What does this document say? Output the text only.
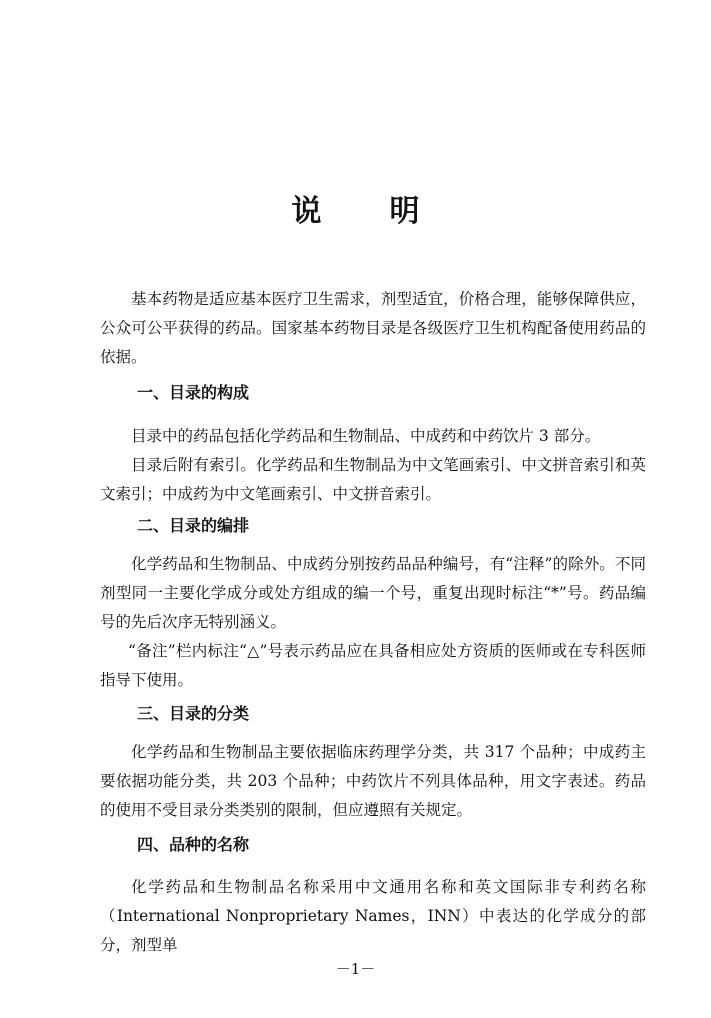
说 明

基本药物是适应基本医疗卫生需求，剂型适宜，价格合理，能够保障供应，公众可公平获得的药品。国家基本药物目录是各级医疗卫生机构配备使用药品的依据。

一、目录的构成

目录中的药品包括化学药品和生物制品、中成药和中药饮片 3 部分。

目录后附有索引。化学药品和生物制品为中文笔画索引、中文拼音索引和英文索引；中成药为中文笔画索引、中文拼音索引。

二、目录的编排

化学药品和生物制品、中成药分别按药品品种编号，有“注释”的除外。不同剂型同一主要化学成分或处方组成的编一个号，重复出现时标注“*”号。药品编号的先后次序无特别涵义。

“备注”栏内标注“△”号表示药品应在具备相应处方资质的医师或在专科医师指导下使用。

三、目录的分类

化学药品和生物制品主要依据临床药理学分类，共 317 个品种；中成药主要依据功能分类，共 203 个品种；中药饮片不列具体品种，用文字表述。药品的使用不受目录分类类别的限制，但应遵照有关规定。

四、品种的名称

化学药品和生物制品名称采用中文通用名称和英文国际非专利药名称（International Nonproprietary Names，INN）中表达的化学成分的部分，剂型单

－1－
